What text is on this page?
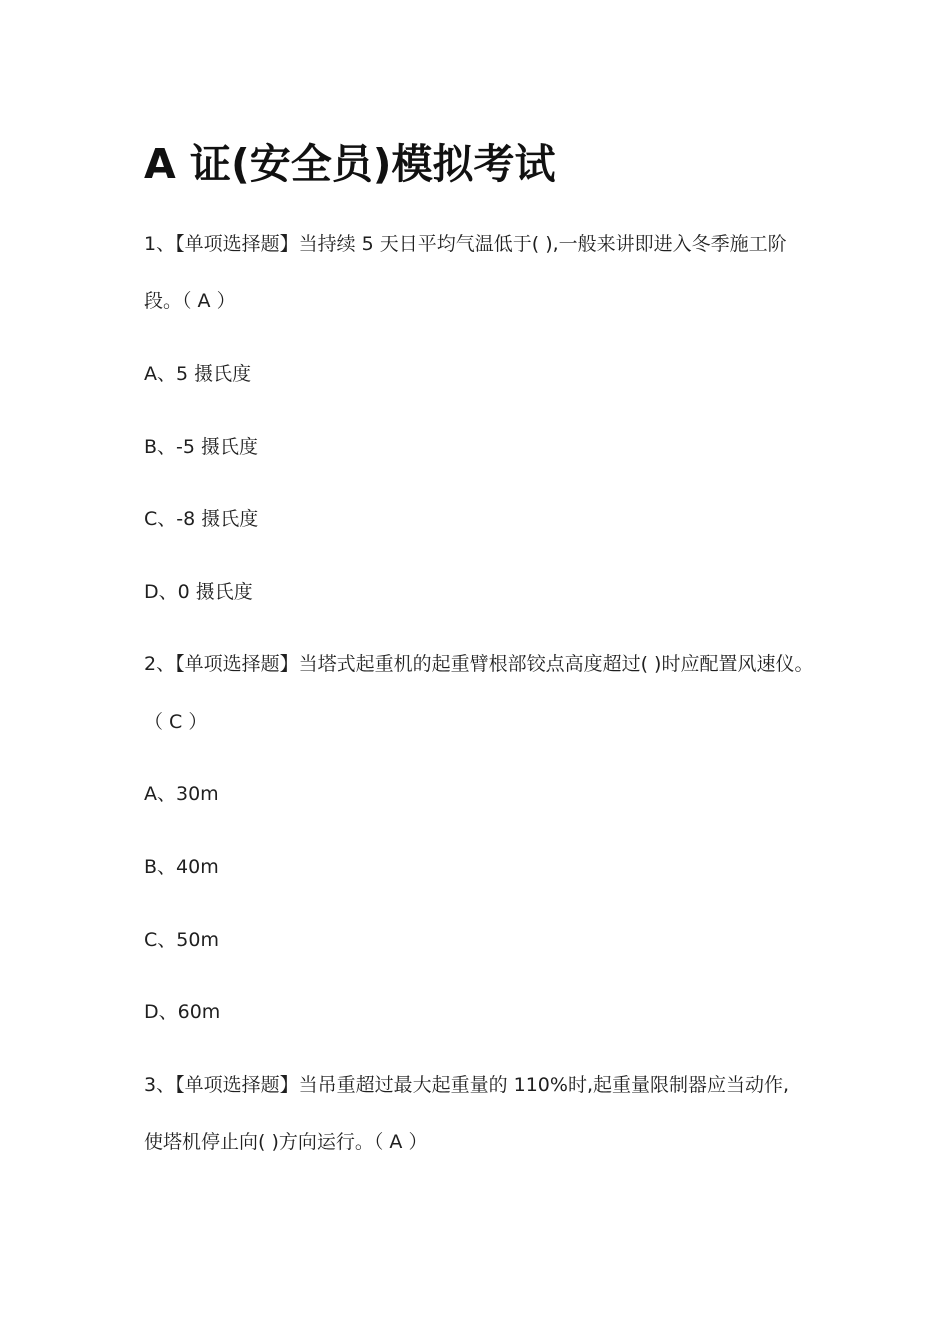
A 证(安全员)模拟考试

1、【单项选择题】当持续 5 天日平均气温低于( ),一般来讲即进入冬季施工阶

段。（ A ）

A、5 摄氏度

B、-5 摄氏度

C、-8 摄氏度

D、0 摄氏度

2、【单项选择题】当塔式起重机的起重臂根部铰点高度超过( )时应配置风速仪。

（ C ）

A、30m

B、40m

C、50m

D、60m

3、【单项选择题】当吊重超过最大起重量的 110%时,起重量限制器应当动作,

使塔机停止向( )方向运行。（ A ）
